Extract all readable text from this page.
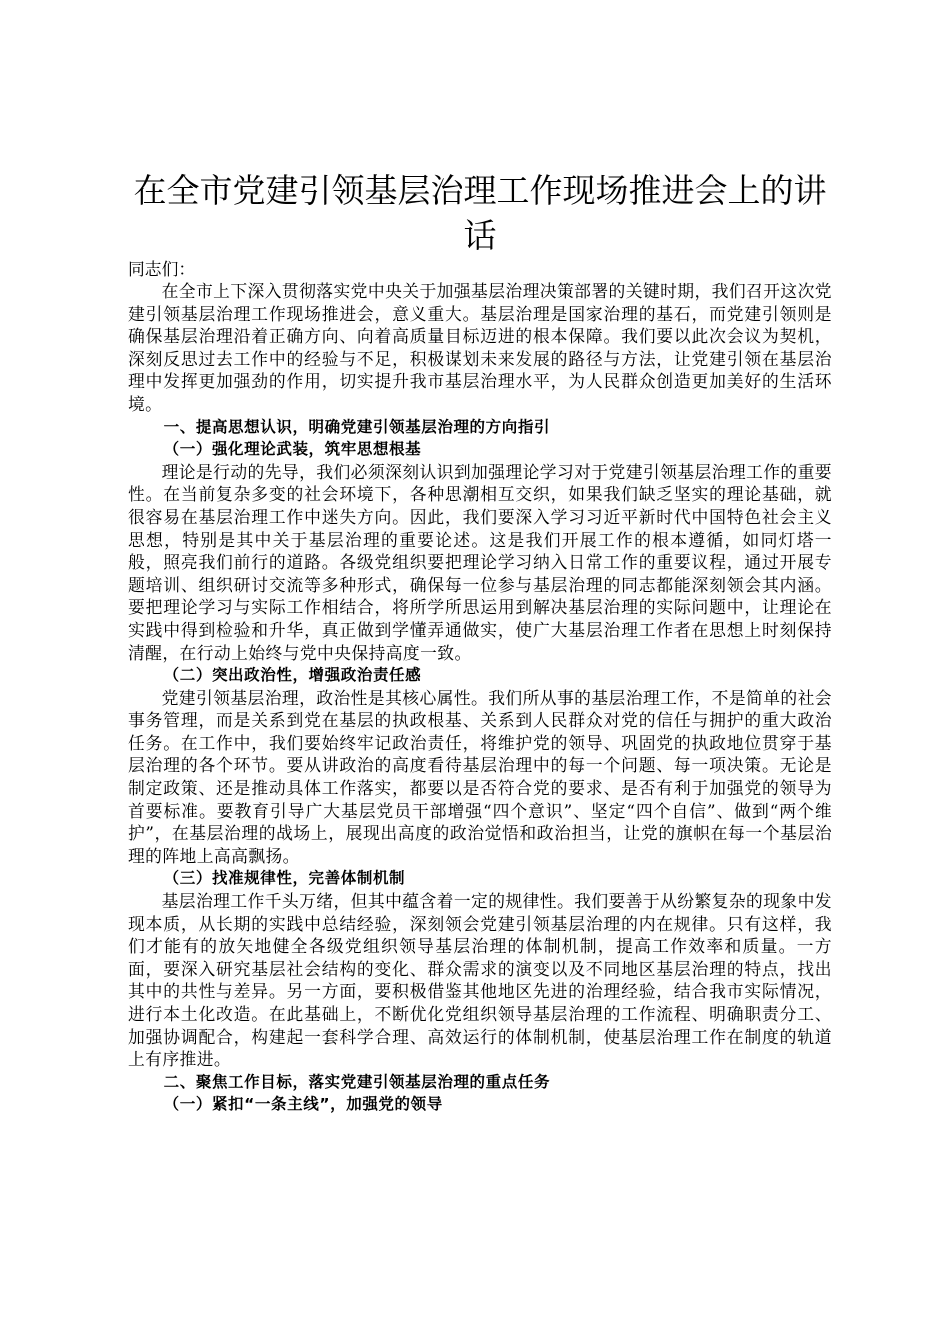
在全市党建引领基层治理工作现场推进会上的讲话

同志们：

在全市上下深入贯彻落实党中央关于加强基层治理决策部署的关键时期，我们召开这次党建引领基层治理工作现场推进会，意义重大。基层治理是国家治理的基石，而党建引领则是确保基层治理沿着正确方向、向着高质量目标迈进的根本保障。我们要以此次会议为契机，深刻反思过去工作中的经验与不足，积极谋划未来发展的路径与方法，让党建引领在基层治理中发挥更加强劲的作用，切实提升我市基层治理水平，为人民群众创造更加美好的生活环境。

一、提高思想认识，明确党建引领基层治理的方向指引

（一）强化理论武装，筑牢思想根基

理论是行动的先导，我们必须深刻认识到加强理论学习对于党建引领基层治理工作的重要性。在当前复杂多变的社会环境下，各种思潮相互交织，如果我们缺乏坚实的理论基础，就很容易在基层治理工作中迷失方向。因此，我们要深入学习习近平新时代中国特色社会主义思想，特别是其中关于基层治理的重要论述。这是我们开展工作的根本遵循，如同灯塔一般，照亮我们前行的道路。各级党组织要把理论学习纳入日常工作的重要议程，通过开展专题培训、组织研讨交流等多种形式，确保每一位参与基层治理的同志都能深刻领会其内涵。要把理论学习与实际工作相结合，将所学所思运用到解决基层治理的实际问题中，让理论在实践中得到检验和升华，真正做到学懂弄通做实，使广大基层治理工作者在思想上时刻保持清醒，在行动上始终与党中央保持高度一致。

（二）突出政治性，增强政治责任感

党建引领基层治理，政治性是其核心属性。我们所从事的基层治理工作，不是简单的社会事务管理，而是关系到党在基层的执政根基、关系到人民群众对党的信任与拥护的重大政治任务。在工作中，我们要始终牢记政治责任，将维护党的领导、巩固党的执政地位贯穿于基层治理的各个环节。要从讲政治的高度看待基层治理中的每一个问题、每一项决策。无论是制定政策、还是推动具体工作落实，都要以是否符合党的要求、是否有利于加强党的领导为首要标准。要教育引导广大基层党员干部增强“四个意识”、坚定“四个自信”、做到“两个维护”，在基层治理的战场上，展现出高度的政治觉悟和政治担当，让党的旗帜在每一个基层治理的阵地上高高飘扬。

（三）找准规律性，完善体制机制

基层治理工作千头万绪，但其中蕴含着一定的规律性。我们要善于从纷繁复杂的现象中发现本质，从长期的实践中总结经验，深刻领会党建引领基层治理的内在规律。只有这样，我们才能有的放矢地健全各级党组织领导基层治理的体制机制，提高工作效率和质量。一方面，要深入研究基层社会结构的变化、群众需求的演变以及不同地区基层治理的特点，找出其中的共性与差异。另一方面，要积极借鉴其他地区先进的治理经验，结合我市实际情况，进行本土化改造。在此基础上，不断优化党组织领导基层治理的工作流程、明确职责分工、加强协调配合，构建起一套科学合理、高效运行的体制机制，使基层治理工作在制度的轨道上有序推进。

二、聚焦工作目标，落实党建引领基层治理的重点任务

（一）紧扣“一条主线”，加强党的领导
